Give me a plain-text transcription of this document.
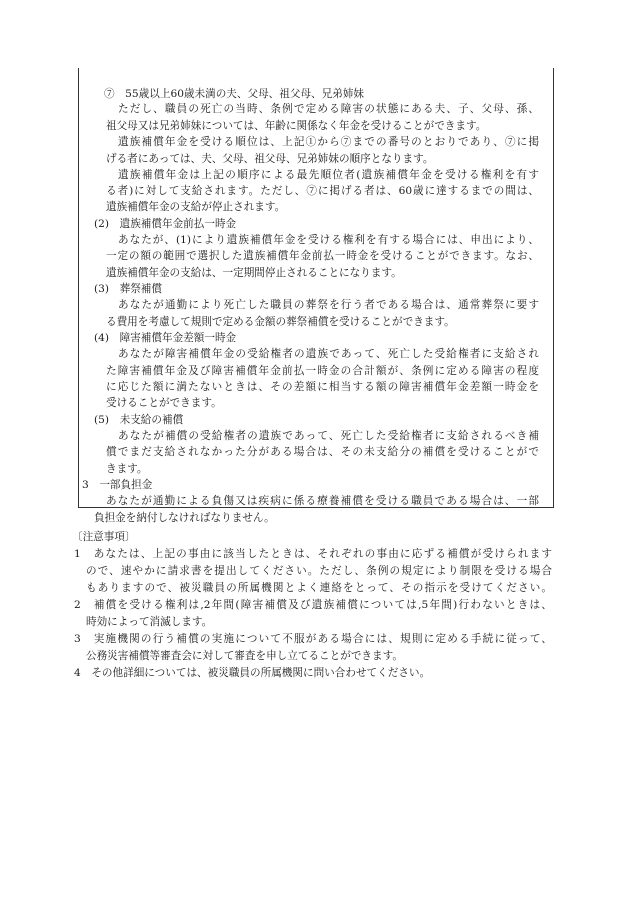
⑦　55歳以上60歳未満の夫、父母、祖父母、兄弟姉妹
ただし、職員の死亡の当時、条例で定める障害の状態にある夫、子、父母、孫、
祖父母又は兄弟姉妹については、年齢に関係なく年金を受けることができます。
遺族補償年金を受ける順位は、上記①から⑦までの番号のとおりであり、⑦に掲
げる者にあっては、夫、父母、祖父母、兄弟姉妹の順序となります。
遺族補償年金は上記の順序による最先順位者(遺族補償年金を受ける権利を有す
る者)に対して支給されます。ただし、⑦に掲げる者は、60歳に達するまでの間は、
遺族補償年金の支給が停止されます。
(2)　遺族補償年金前払一時金
あなたが、(1)により遺族補償年金を受ける権利を有する場合には、申出により、
一定の額の範囲で選択した遺族補償年金前払一時金を受けることができます。なお、
遺族補償年金の支給は、一定期間停止されることになります。
(3)　葬祭補償
あなたが通勤により死亡した職員の葬祭を行う者である場合は、通常葬祭に要す
る費用を考慮して規則で定める金額の葬祭補償を受けることができます。
(4)　障害補償年金差額一時金
あなたが障害補償年金の受給権者の遺族であって、死亡した受給権者に支給され
た障害補償年金及び障害補償年金前払一時金の合計額が、条例に定める障害の程度
に応じた額に満たないときは、その差額に相当する額の障害補償年金差額一時金を
受けることができます。
(5)　未支給の補償
あなたが補償の受給権者の遺族であって、死亡した受給権者に支給されるべき補
償でまだ支給されなかった分がある場合は、その未支給分の補償を受けることがで
きます。
3　一部負担金
あなたが通勤による負傷又は疾病に係る療養補償を受ける職員である場合は、一部
負担金を納付しなければなりません。
〔注意事項〕
1　あなたは、上記の事由に該当したときは、それぞれの事由に応ずる補償が受けられます
ので、速やかに請求書を提出してください。ただし、条例の規定により制限を受ける場合
もありますので、被災職員の所属機関とよく連絡をとって、その指示を受けてください。
2　補償を受ける権利は,2年間(障害補償及び遺族補償については,5年間)行わないときは、
時効によって消滅します。
3　実施機関の行う補償の実施について不服がある場合には、規則に定める手続に従って、
公務災害補償等審査会に対して審査を申し立てることができます。
4　その他詳細については、被災職員の所属機関に問い合わせてください。
